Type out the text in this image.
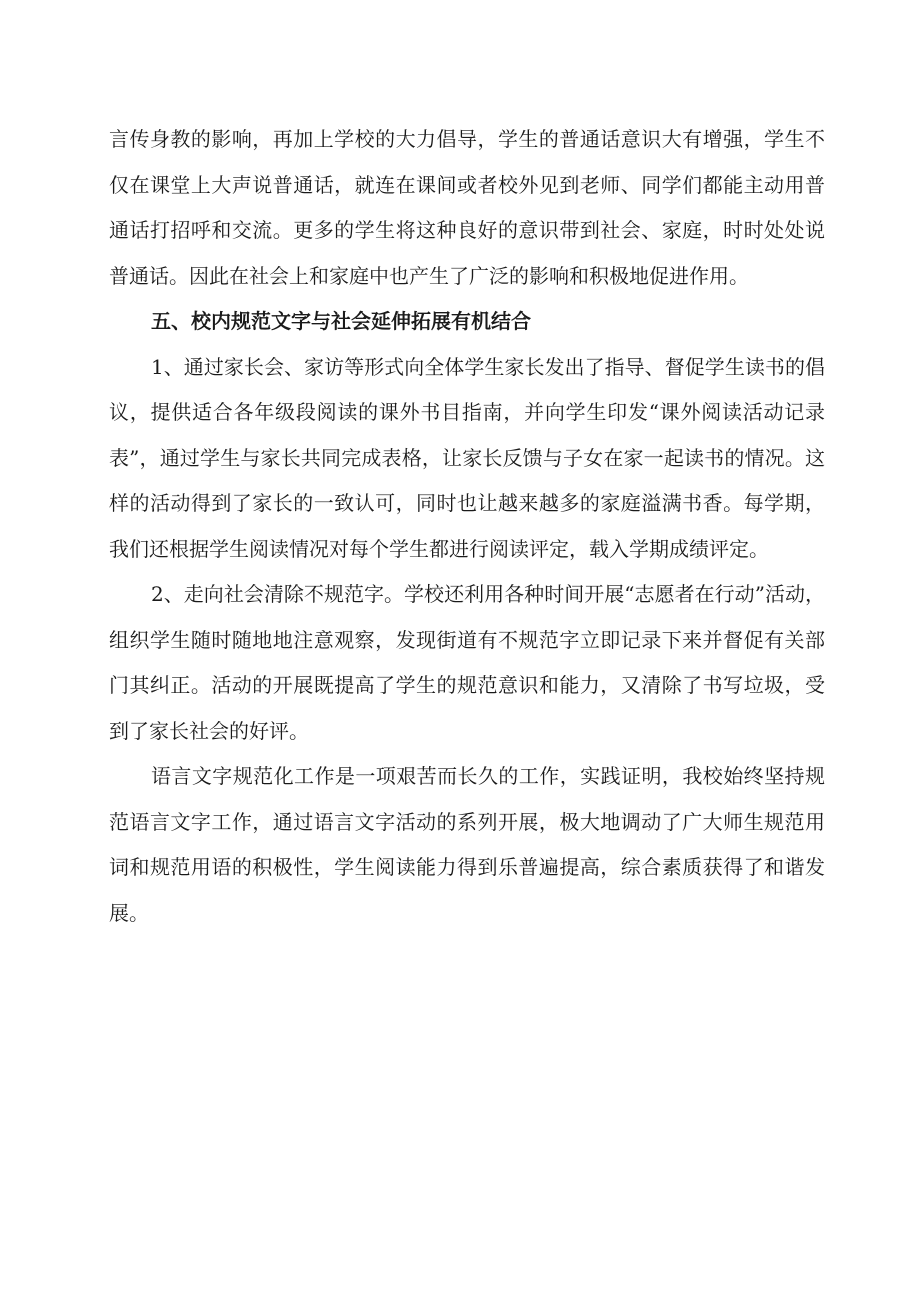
言传身教的影响，再加上学校的大力倡导，学生的普通话意识大有增强，学生不仅在课堂上大声说普通话，就连在课间或者校外见到老师、同学们都能主动用普通话打招呼和交流。更多的学生将这种良好的意识带到社会、家庭，时时处处说普通话。因此在社会上和家庭中也产生了广泛的影响和积极地促进作用。

五、校内规范文字与社会延伸拓展有机结合

1、通过家长会、家访等形式向全体学生家长发出了指导、督促学生读书的倡议，提供适合各年级段阅读的课外书目指南，并向学生印发“课外阅读活动记录表”，通过学生与家长共同完成表格，让家长反馈与子女在家一起读书的情况。这样的活动得到了家长的一致认可，同时也让越来越多的家庭溢满书香。每学期，我们还根据学生阅读情况对每个学生都进行阅读评定，载入学期成绩评定。

2、走向社会清除不规范字。学校还利用各种时间开展“志愿者在行动”活动，组织学生随时随地地注意观察，发现街道有不规范字立即记录下来并督促有关部门其纠正。活动的开展既提高了学生的规范意识和能力，又清除了书写垃圾，受到了家长社会的好评。

语言文字规范化工作是一项艰苦而长久的工作，实践证明，我校始终坚持规范语言文字工作，通过语言文字活动的系列开展，极大地调动了广大师生规范用词和规范用语的积极性，学生阅读能力得到乐普遍提高，综合素质获得了和谐发展。
